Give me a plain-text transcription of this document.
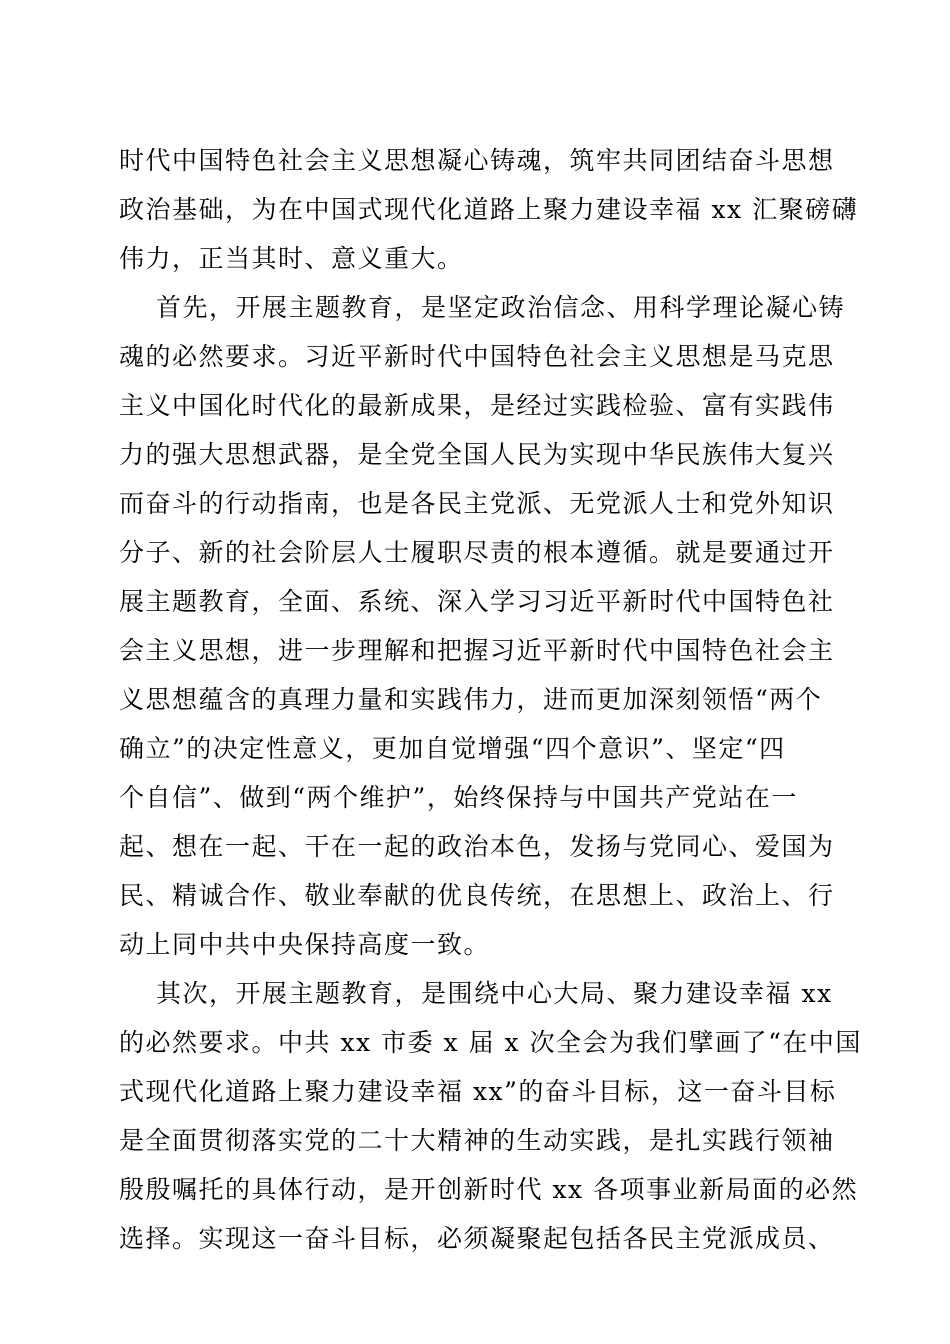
时代中国特色社会主义思想凝心铸魂，筑牢共同团结奋斗思想
政治基础，为在中国式现代化道路上聚力建设幸福 xx 汇聚磅礴
伟力，正当其时、意义重大。
首先，开展主题教育，是坚定政治信念、用科学理论凝心铸
魂的必然要求。习近平新时代中国特色社会主义思想是马克思
主义中国化时代化的最新成果，是经过实践检验、富有实践伟
力的强大思想武器，是全党全国人民为实现中华民族伟大复兴
而奋斗的行动指南，也是各民主党派、无党派人士和党外知识
分子、新的社会阶层人士履职尽责的根本遵循。就是要通过开
展主题教育，全面、系统、深入学习习近平新时代中国特色社
会主义思想，进一步理解和把握习近平新时代中国特色社会主
义思想蕴含的真理力量和实践伟力，进而更加深刻领悟“两个
确立”的决定性意义，更加自觉增强“四个意识”、坚定“四
个自信”、做到“两个维护”，始终保持与中国共产党站在一
起、想在一起、干在一起的政治本色，发扬与党同心、爱国为
民、精诚合作、敬业奉献的优良传统，在思想上、政治上、行
动上同中共中央保持高度一致。
其次，开展主题教育，是围绕中心大局、聚力建设幸福 xx
的必然要求。中共 xx 市委 x 届 x 次全会为我们擘画了“在中国
式现代化道路上聚力建设幸福 xx”的奋斗目标，这一奋斗目标
是全面贯彻落实党的二十大精神的生动实践，是扎实践行领袖
殷殷嘱托的具体行动，是开创新时代 xx 各项事业新局面的必然
选择。实现这一奋斗目标，必须凝聚起包括各民主党派成员、
